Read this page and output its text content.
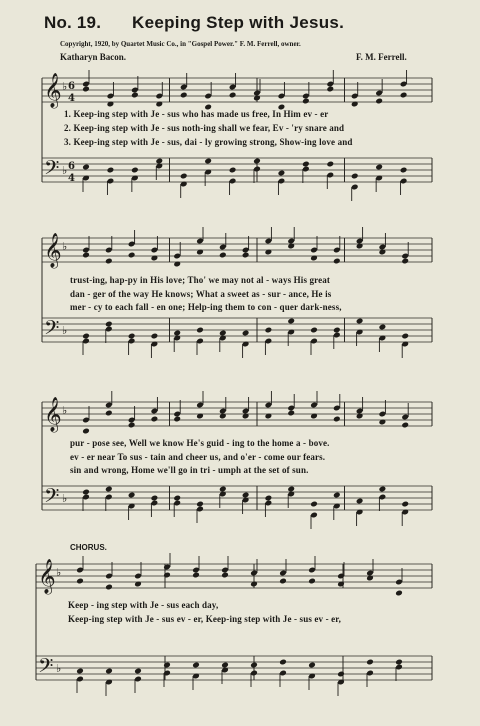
No. 19. Keeping Step with Jesus.
Copyright, 1920, by Quartet Music Co., in "Gospel Power." F. M. Ferrell, owner.
Katharyn Bacon.	F. M. Ferrell.
𝄞
𝄢
♭
♭
6
4
6
4
𝄞
𝄢
♭
♭
𝄞
𝄢
♭
♭
𝄞
𝄢
♭
♭
1. Keep-ing step with Je - sus who has made us free, In Him ev - er
2. Keep-ing step with Je - sus noth-ing shall we fear, Ev - 'ry snare and
3. Keep-ing step with Je - sus, dai - ly growing strong, Show-ing love and
trust-ing, hap-py in His love; Tho' we may not al - ways His great
dan - ger of the way He knows; What a sweet as - sur - ance, He is
mer - cy to each fall - en one; Help-ing them to con - quer dark-ness,
pur - pose see, Well we know He's guid - ing to the home a - bove.
ev - er near To sus - tain and cheer us, and o'er - come our fears.
sin and wrong, Home we'll go in tri - umph at the set of sun.
CHORUS.
Keep - ing step with Je - sus each day,
Keep-ing step with Je - sus ev - er, Keep-ing step with Je - sus ev - er,
